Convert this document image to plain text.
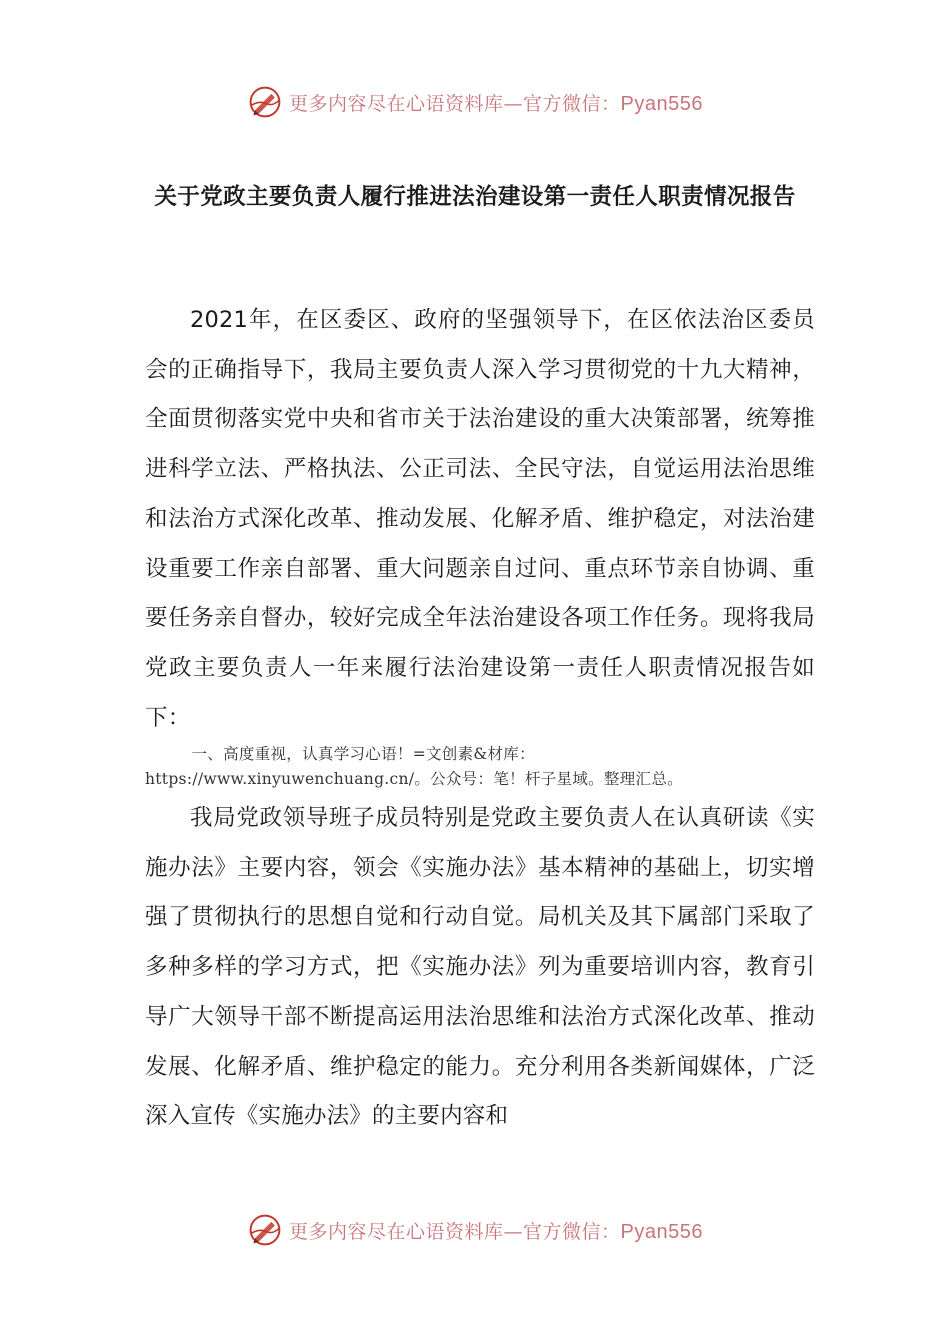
更多内容尽在心语资料库—官方微信：Pyan556
关于党政主要负责人履行推进法治建设第一责任人职责情况报告
2021年，在区委区、政府的坚强领导下，在区依法治区委员会的正确指导下，我局主要负责人深入学习贯彻党的十九大精神，全面贯彻落实党中央和省市关于法治建设的重大决策部署，统筹推进科学立法、严格执法、公正司法、全民守法，自觉运用法治思维和法治方式深化改革、推动发展、化解矛盾、维护稳定，对法治建设重要工作亲自部署、重大问题亲自过问、重点环节亲自协调、重要任务亲自督办，较好完成全年法治建设各项工作任务。现将我局党政主要负责人一年来履行法治建设第一责任人职责情况报告如下：
一、高度重视，认真学习心语！=文创素&材库：https://www.xinyuwenchuang.cn/。公众号：笔！杆子星域。整理汇总。
我局党政领导班子成员特别是党政主要负责人在认真研读《实施办法》主要内容，领会《实施办法》基本精神的基础上，切实增强了贯彻执行的思想自觉和行动自觉。局机关及其下属部门采取了多种多样的学习方式，把《实施办法》列为重要培训内容，教育引导广大领导干部不断提高运用法治思维和法治方式深化改革、推动发展、化解矛盾、维护稳定的能力。充分利用各类新闻媒体，广泛深入宣传《实施办法》的主要内容和
更多内容尽在心语资料库—官方微信：Pyan556
